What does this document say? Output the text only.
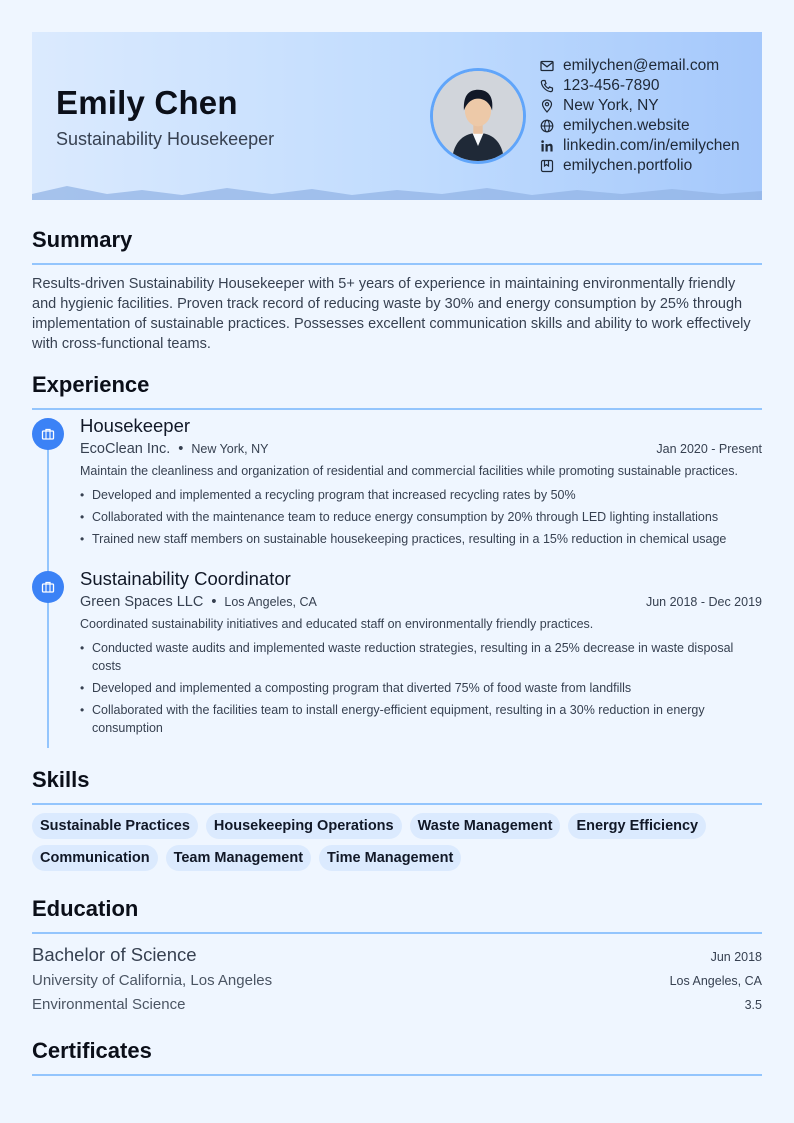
Emily Chen
Sustainability Housekeeper
emilychen@email.com
123-456-7890
New York, NY
emilychen.website
linkedin.com/in/emilychen
emilychen.portfolio
Summary
Results-driven Sustainability Housekeeper with 5+ years of experience in maintaining environmentally friendly and hygienic facilities. Proven track record of reducing waste by 30% and energy consumption by 25% through implementation of sustainable practices. Possesses excellent communication skills and ability to work effectively with cross-functional teams.
Experience
Housekeeper
EcoClean Inc. • New York, NY	Jan 2020 - Present
Maintain the cleanliness and organization of residential and commercial facilities while promoting sustainable practices.
• Developed and implemented a recycling program that increased recycling rates by 50%
• Collaborated with the maintenance team to reduce energy consumption by 20% through LED lighting installations
• Trained new staff members on sustainable housekeeping practices, resulting in a 15% reduction in chemical usage
Sustainability Coordinator
Green Spaces LLC • Los Angeles, CA	Jun 2018 - Dec 2019
Coordinated sustainability initiatives and educated staff on environmentally friendly practices.
• Conducted waste audits and implemented waste reduction strategies, resulting in a 25% decrease in waste disposal costs
• Developed and implemented a composting program that diverted 75% of food waste from landfills
• Collaborated with the facilities team to install energy-efficient equipment, resulting in a 30% reduction in energy consumption
Skills
Sustainable Practices	Housekeeping Operations	Waste Management	Energy Efficiency
Communication	Team Management	Time Management
Education
Bachelor of Science	Jun 2018
University of California, Los Angeles	Los Angeles, CA
Environmental Science	3.5
Certificates
